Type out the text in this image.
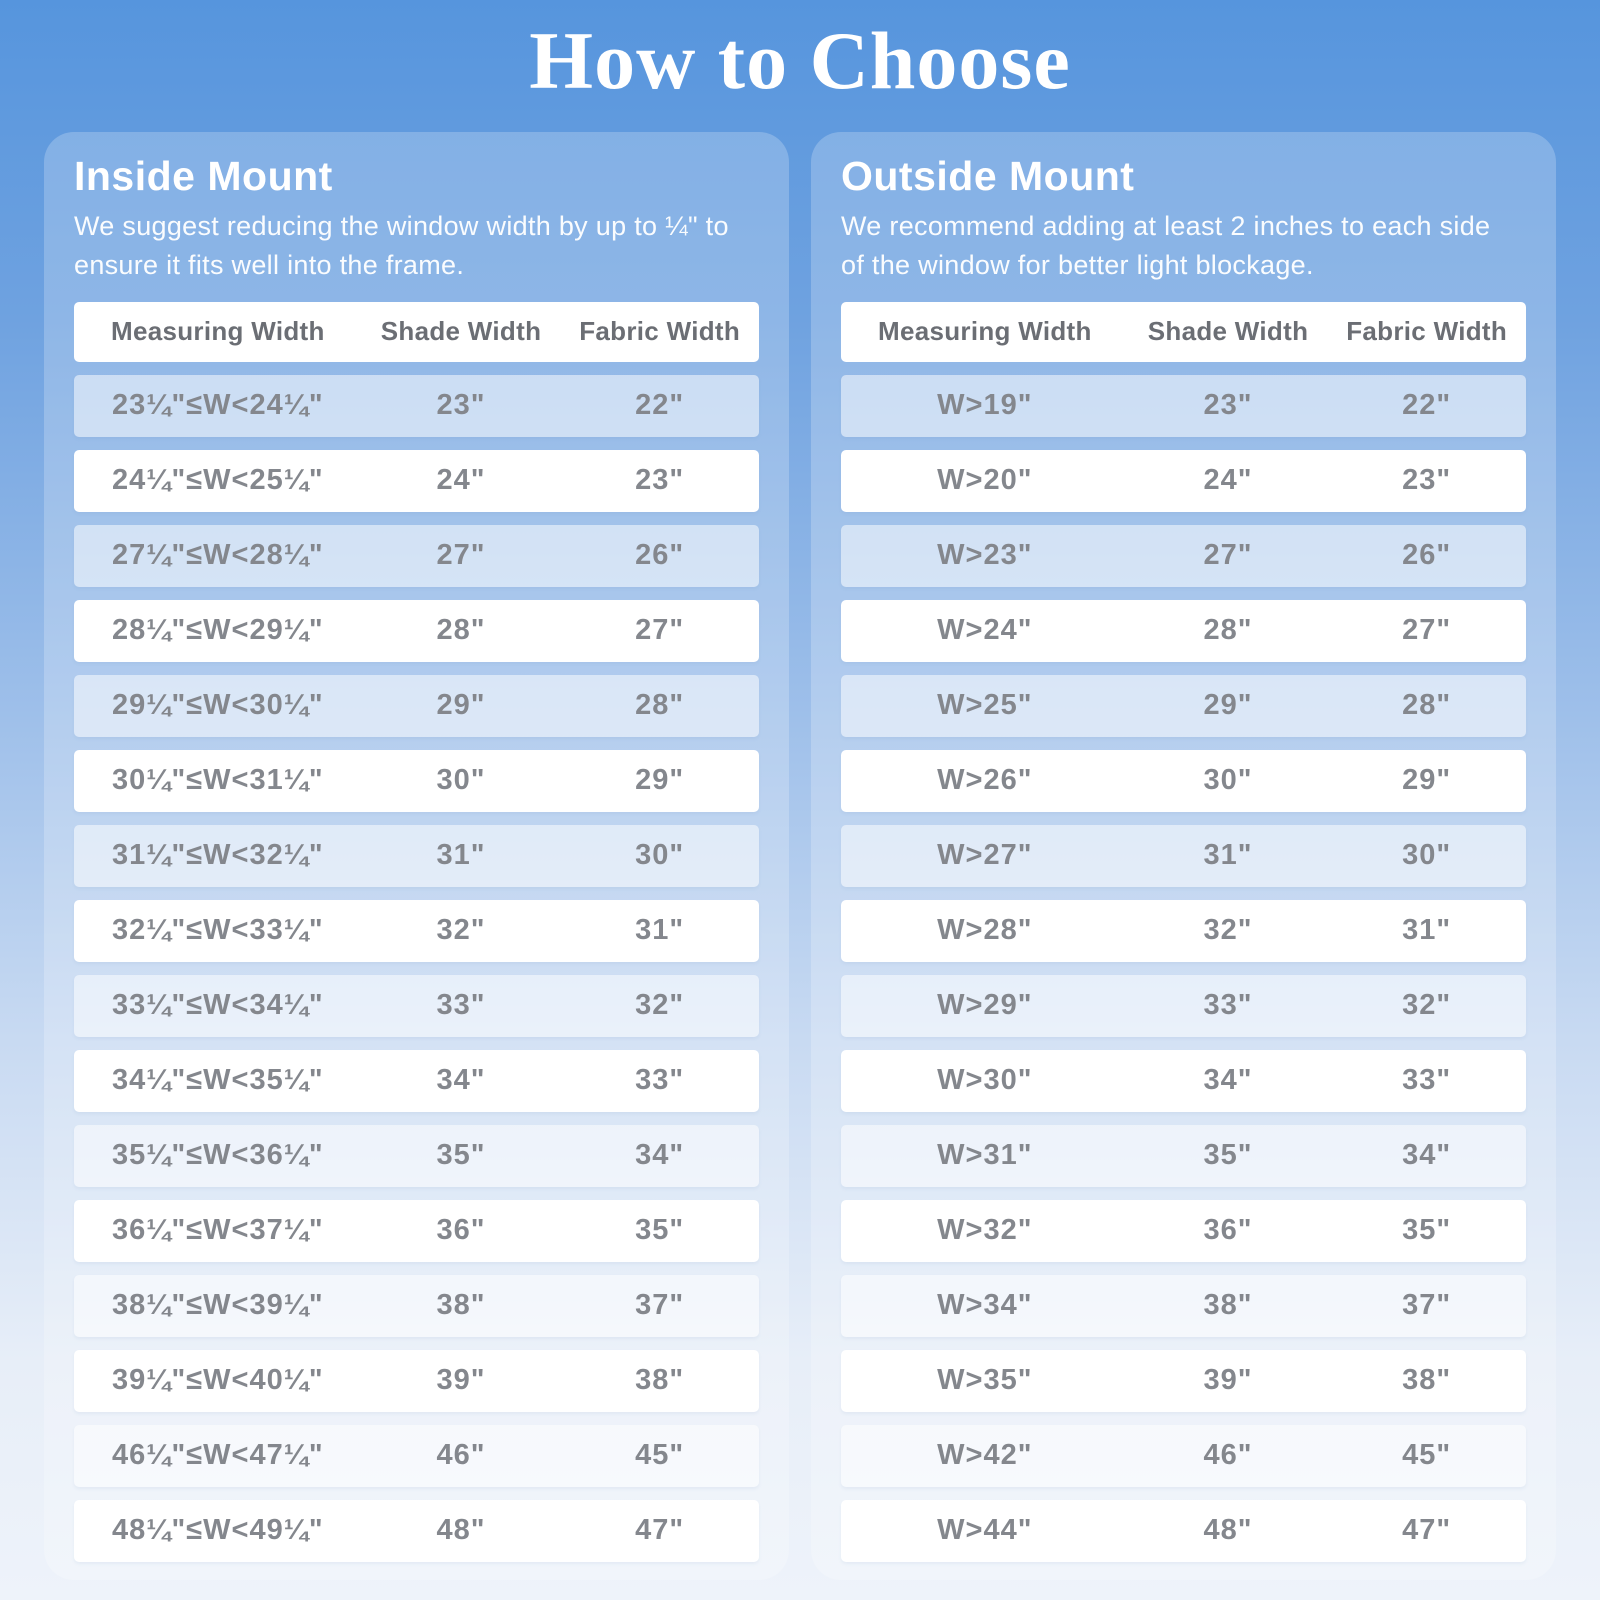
How to Choose
Inside Mount

We suggest reducing the window width by up to ¼" to ensure it fits well into the frame.

Measuring Width	Shade Width	Fabric Width
23¼"≤W<24¼"	23"	22"
24¼"≤W<25¼"	24"	23"
27¼"≤W<28¼"	27"	26"
28¼"≤W<29¼"	28"	27"
29¼"≤W<30¼"	29"	28"
30¼"≤W<31¼"	30"	29"
31¼"≤W<32¼"	31"	30"
32¼"≤W<33¼"	32"	31"
33¼"≤W<34¼"	33"	32"
34¼"≤W<35¼"	34"	33"
35¼"≤W<36¼"	35"	34"
36¼"≤W<37¼"	36"	35"
38¼"≤W<39¼"	38"	37"
39¼"≤W<40¼"	39"	38"
46¼"≤W<47¼"	46"	45"
48¼"≤W<49¼"	48"	47"
Outside Mount

We recommend adding at least 2 inches to each side of the window for better light blockage.

Measuring Width	Shade Width	Fabric Width
W>19"	23"	22"
W>20"	24"	23"
W>23"	27"	26"
W>24"	28"	27"
W>25"	29"	28"
W>26"	30"	29"
W>27"	31"	30"
W>28"	32"	31"
W>29"	33"	32"
W>30"	34"	33"
W>31"	35"	34"
W>32"	36"	35"
W>34"	38"	37"
W>35"	39"	38"
W>42"	46"	45"
W>44"	48"	47"
